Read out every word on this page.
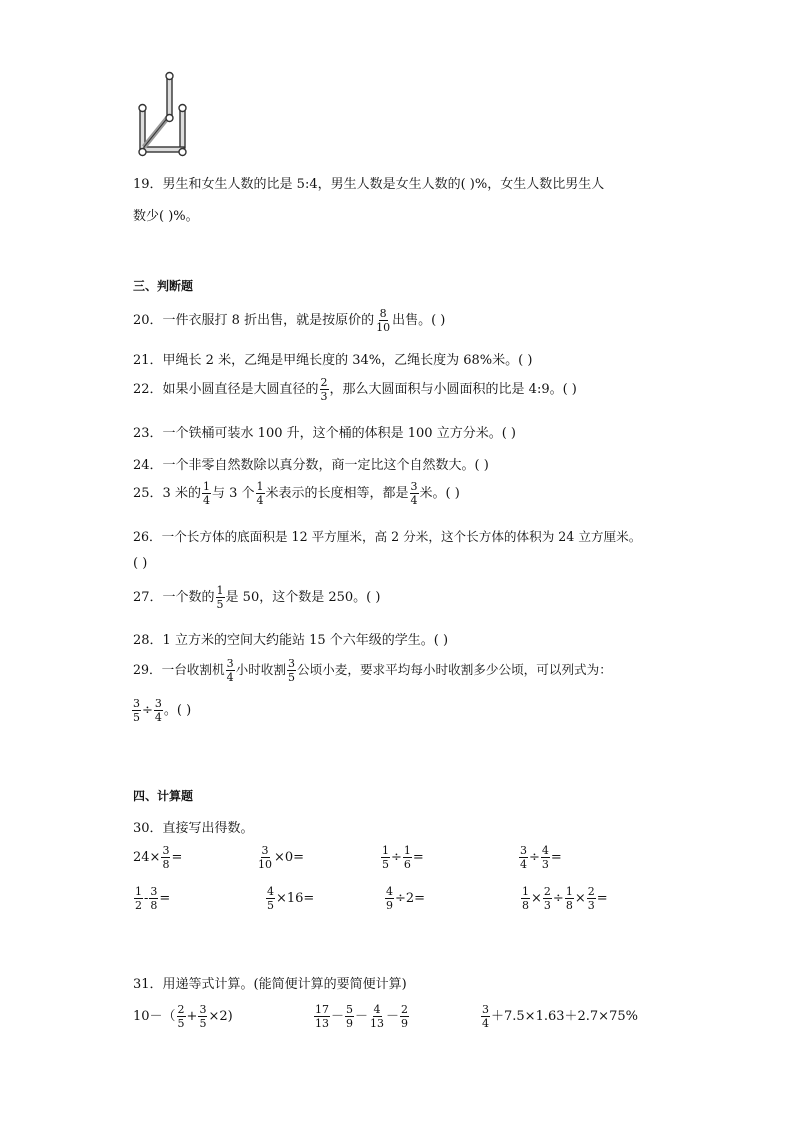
19．男生和女生人数的比是 5:4，男生人数是女生人数的( )%，女生人数比男生人
数少( )%。
三、判断题
20．一件衣服打 8 折出售，就是按原价的 $\frac{8}{10}$ 出售。( )
21．甲绳长 2 米，乙绳是甲绳长度的 34%，乙绳长度为 68%米。( )
22．如果小圆直径是大圆直径的 $\frac{2}{3}$ ，那么大圆面积与小圆面积的比是 4:9。( )
23．一个铁桶可装水 100 升，这个桶的体积是 100 立方分米。( )
24．一个非零自然数除以真分数，商一定比这个自然数大。( )
25．3 米的 $\frac{1}{4}$ 与 3 个 $\frac{1}{4}$ 米表示的长度相等，都是 $\frac{3}{4}$ 米。( )
26．一个长方体的底面积是 12 平方厘米，高 2 分米，这个长方体的体积为 24 立方厘米。
( )
27．一个数的 $\frac{1}{5}$ 是 50，这个数是 250。( )
28．1 立方米的空间大约能站 15 个六年级的学生。( )
29．一台收割机 $\frac{3}{4}$ 小时收割 $\frac{3}{5}$ 公顷小麦，要求平均每小时收割多少公顷，可以列式为：
$\frac{3}{5} \div \frac{3}{4}$ 。( )
四、计算题
30．直接写出得数。
$24\times \frac{3}{8}$ =	$\frac{3}{10} \times 0=$	$\frac{1}{5} \div \frac{1}{6}$ =	$\frac{3}{4} \div \frac{4}{3}$ =
$\frac{1}{2} - \frac{3}{8}$ =	$\frac{4}{5} \times 16=$	$\frac{4}{9} \div 2=$	$\frac{1}{8} \times \frac{2}{3} \div \frac{1}{8} \times \frac{2}{3}$ =
31．用递等式计算。(能简便计算的要简便计算)
$10-( \frac{2}{5} + \frac{3}{5} \times 2)$	$\frac{17}{13} - \frac{5}{9} - \frac{4}{13} - \frac{2}{9}$	$\frac{3}{4} +7.5\times 1.63+2.7\times 75\%$
